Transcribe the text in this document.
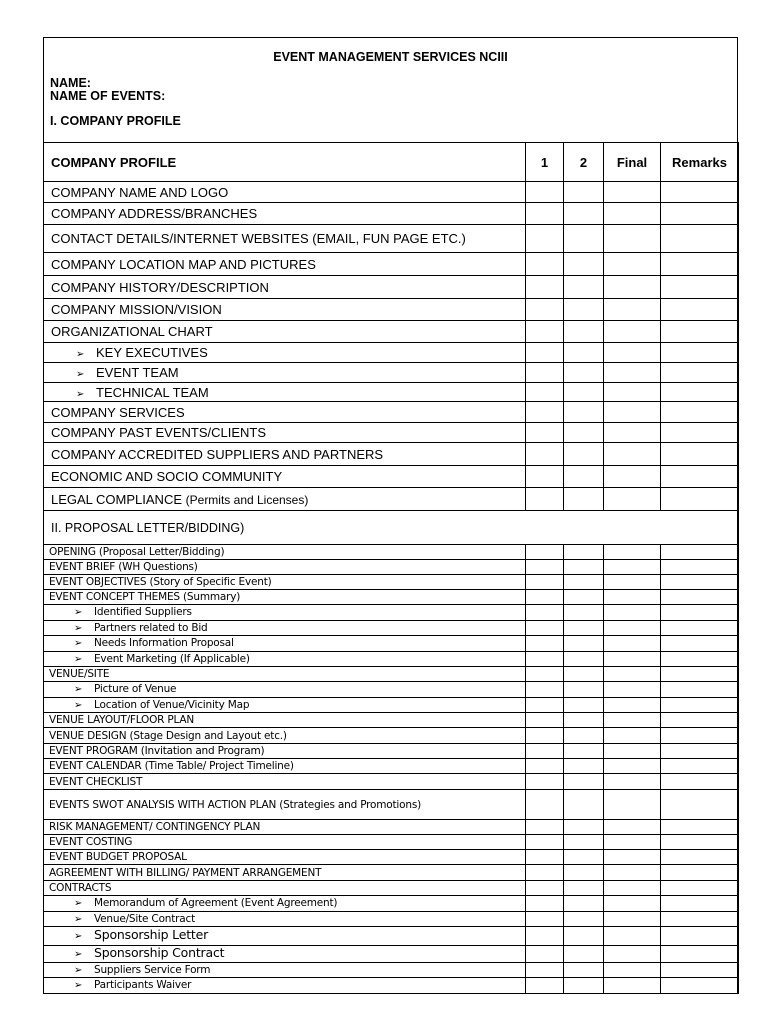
EVENT MANAGEMENT SERVICES NCIII
NAME:
NAME OF EVENTS:
I. COMPANY PROFILE
COMPANY PROFILE	1	2	Final	Remarks
COMPANY NAME AND LOGO				
COMPANY ADDRESS/BRANCHES				
CONTACT DETAILS/INTERNET WEBSITES (EMAIL, FUN PAGE ETC.)				
COMPANY LOCATION MAP AND PICTURES				
COMPANY HISTORY/DESCRIPTION				
COMPANY MISSION/VISION				
ORGANIZATIONAL CHART				
➢ KEY EXECUTIVES				
➢ EVENT TEAM				
➢ TECHNICAL TEAM				
COMPANY SERVICES				
COMPANY PAST EVENTS/CLIENTS				
COMPANY ACCREDITED SUPPLIERS AND PARTNERS				
ECONOMIC AND SOCIO COMMUNITY				
LEGAL COMPLIANCE (Permits and Licenses)				
II. PROPOSAL LETTER/BIDDING)				
OPENING (Proposal Letter/Bidding)				
EVENT BRIEF (WH Questions)				
EVENT OBJECTIVES (Story of Specific Event)				
EVENT CONCEPT THEMES (Summary)				
➢ Identified Suppliers				
➢ Partners related to Bid				
➢ Needs Information Proposal				
➢ Event Marketing (If Applicable)				
VENUE/SITE				
➢ Picture of Venue				
➢ Location of Venue/Vicinity Map				
VENUE LAYOUT/FLOOR PLAN				
VENUE DESIGN (Stage Design and Layout etc.)				
EVENT PROGRAM (Invitation and Program)				
EVENT CALENDAR (Time Table/ Project Timeline)				
EVENT CHECKLIST				
EVENTS SWOT ANALYSIS WITH ACTION PLAN (Strategies and Promotions)				
RISK MANAGEMENT/ CONTINGENCY PLAN				
EVENT COSTING				
EVENT BUDGET PROPOSAL				
AGREEMENT WITH BILLING/ PAYMENT ARRANGEMENT				
CONTRACTS				
➢ Memorandum of Agreement (Event Agreement)				
➢ Venue/Site Contract				
➢ Sponsorship Letter				
➢ Sponsorship Contract				
➢ Suppliers Service Form				
➢ Participants Waiver				
